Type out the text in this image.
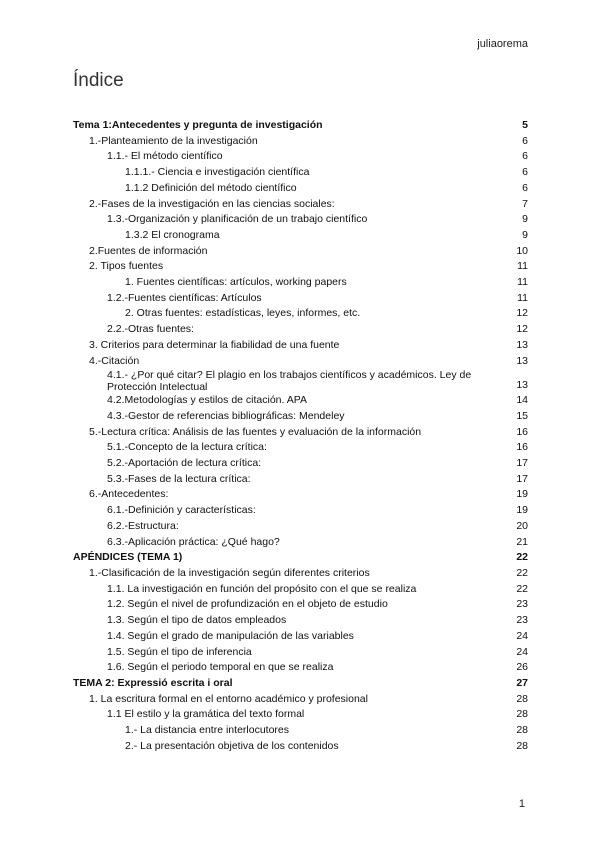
juliaorema
Índice
Tema 1:Antecedentes y pregunta de investigación	5
1.-Planteamiento de la investigación	6
1.1.- El método científico	6
1.1.1.- Ciencia e investigación científica	6
1.1.2 Definición del método científico	6
2.-Fases de la investigación en las ciencias sociales:	7
1.3.-Organización y planificación de un trabajo científico	9
1.3.2 El cronograma	9
2.Fuentes de información	10
2. Tipos fuentes	11
1. Fuentes científicas: artículos, working papers	11
1.2.-Fuentes científicas: Artículos	11
2. Otras fuentes: estadísticas, leyes, informes, etc.	12
2.2.-Otras fuentes:	12
3. Criterios para determinar la fiabilidad de una fuente	13
4.-Citación	13
4.1.- ¿Por qué citar? El plagio en los trabajos científicos y académicos. Ley de Protección Intelectual	13
4.2.Metodologías y estilos de citación. APA	14
4.3.-Gestor de referencias bibliográficas: Mendeley	15
5.-Lectura crítica: Análisis de las fuentes y evaluación de la información	16
5.1.-Concepto de la lectura crítica:	16
5.2.-Aportación de lectura crítica:	17
5.3.-Fases de la lectura crítica:	17
6.-Antecedentes:	19
6.1.-Definición y características:	19
6.2.-Estructura:	20
6.3.-Aplicación práctica: ¿Qué hago?	21
APÉNDICES (TEMA 1)	22
1.-Clasificación de la investigación según diferentes criterios	22
1.1. La investigación en función del propósito con el que se realiza	22
1.2. Según el nivel de profundización en el objeto de estudio	23
1.3. Según el tipo de datos empleados	23
1.4. Según el grado de manipulación de las variables	24
1.5. Según el tipo de inferencia	24
1.6. Según el periodo temporal en que se realiza	26
TEMA 2: Expressió escrita i oral	27
1. La escritura formal en el entorno académico y profesional	28
1.1 El estilo y la gramática del texto formal	28
1.- La distancia entre interlocutores	28
2.- La presentación objetiva de los contenidos	28
1
